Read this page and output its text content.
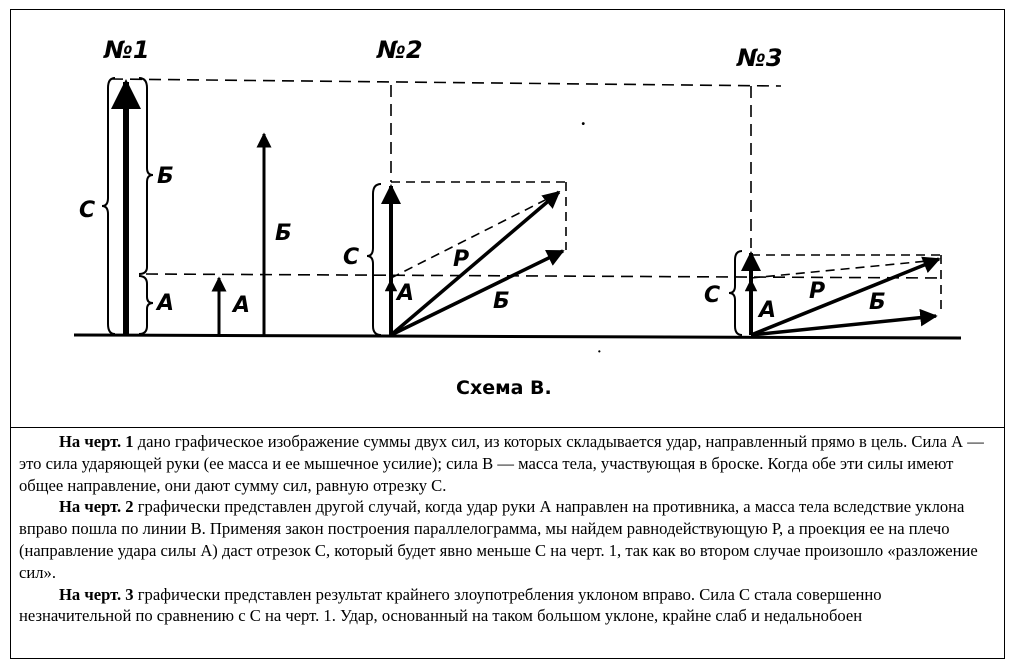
№1
С
Б
А	А
Б
№2
.
С
А
Р
Б
№3
С
А
Р Б
·
Схема В.

На черт. 1 дано графическое изображение суммы двух сил, из которых складывается удар, направленный прямо в цель. Сила А — это сила ударяющей руки (ее масса и ее мышечное усилие); сила В — масса тела, участвующая в броске. Когда обе эти силы имеют общее направление, они дают сумму сил, равную отрезку С.

На черт. 2 графически представлен другой случай, когда удар руки А направлен на противника, а масса тела вследствие уклона вправо пошла по линии В. Применяя закон построения параллелограмма, мы найдем равнодействующую Р, а проекция ее на плечо (направление удара силы А) даст отрезок С, который будет явно меньше С на черт. 1, так как во втором случае произошло «разложение сил».

На черт. 3 графически представлен результат крайнего злоупотребления уклоном вправо. Сила С стала совершенно незначительной по сравнению с С на черт. 1. Удар, основанный на таком большом уклоне, крайне слаб и недальнобоен
